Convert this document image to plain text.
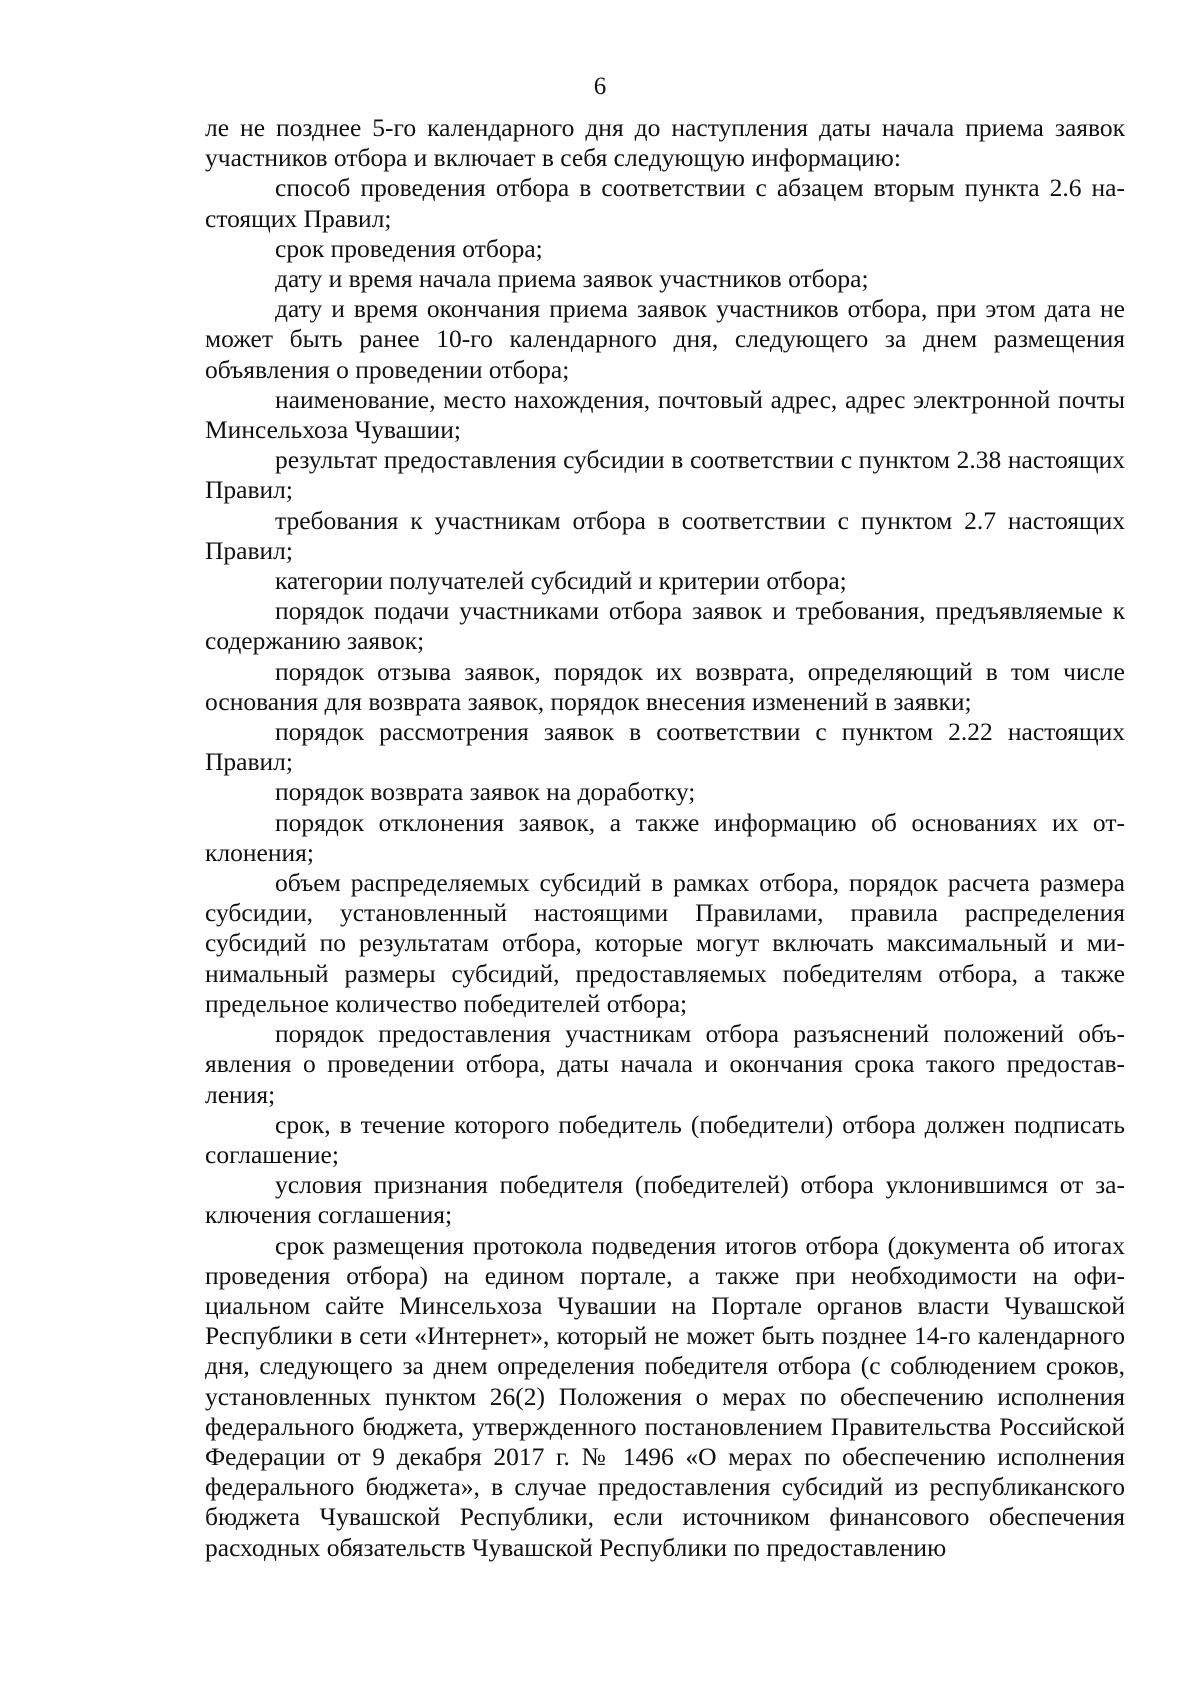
6

ле не позднее 5-го календарного дня до наступления даты начала приема заявок участников отбора и включает в себя следующую информацию:

способ проведения отбора в соответствии с абзацем вторым пункта 2.6 настоящих Правил;

срок проведения отбора;

дату и время начала приема заявок участников отбора;

дату и время окончания приема заявок участников отбора, при этом дата не может быть ранее 10-го календарного дня, следующего за днем размещения объявления о проведении отбора;

наименование, место нахождения, почтовый адрес, адрес электронной почты Минсельхоза Чувашии;

результат предоставления субсидии в соответствии с пунктом 2.38 настоящих Правил;

требования к участникам отбора в соответствии с пунктом 2.7 настоящих Правил;

категории получателей субсидий и критерии отбора;

порядок подачи участниками отбора заявок и требования, предъявляемые к содержанию заявок;

порядок отзыва заявок, порядок их возврата, определяющий в том числе основания для возврата заявок, порядок внесения изменений в заявки;

порядок рассмотрения заявок в соответствии с пунктом 2.22 настоящих Правил;

порядок возврата заявок на доработку;

порядок отклонения заявок, а также информацию об основаниях их отклонения;

объем распределяемых субсидий в рамках отбора, порядок расчета размера субсидии, установленный настоящими Правилами, правила распределения субсидий по результатам отбора, которые могут включать максимальный и минимальный размеры субсидий, предоставляемых победителям отбора, а также предельное количество победителей отбора;

порядок предоставления участникам отбора разъяснений положений объявления о проведении отбора, даты начала и окончания срока такого предоставления;

срок, в течение которого победитель (победители) отбора должен подписать соглашение;

условия признания победителя (победителей) отбора уклонившимся от заключения соглашения;

срок размещения протокола подведения итогов отбора (документа об итогах проведения отбора) на едином портале, а также при необходимости на официальном сайте Минсельхоза Чувашии на Портале органов власти Чувашской Республики в сети «Интернет», который не может быть позднее 14-го календарного дня, следующего за днем определения победителя отбора (с соблюдением сроков, установленных пунктом 26(2) Положения о мерах по обеспечению исполнения федерального бюджета, утвержденного постановлением Правительства Российской Федерации от 9 декабря 2017 г. № 1496 «О мерах по обеспечению исполнения федерального бюджета», в случае предоставления субсидий из республиканского бюджета Чувашской Республики, если источником финансового обеспечения расходных обязательств Чувашской Республики по предоставлению
